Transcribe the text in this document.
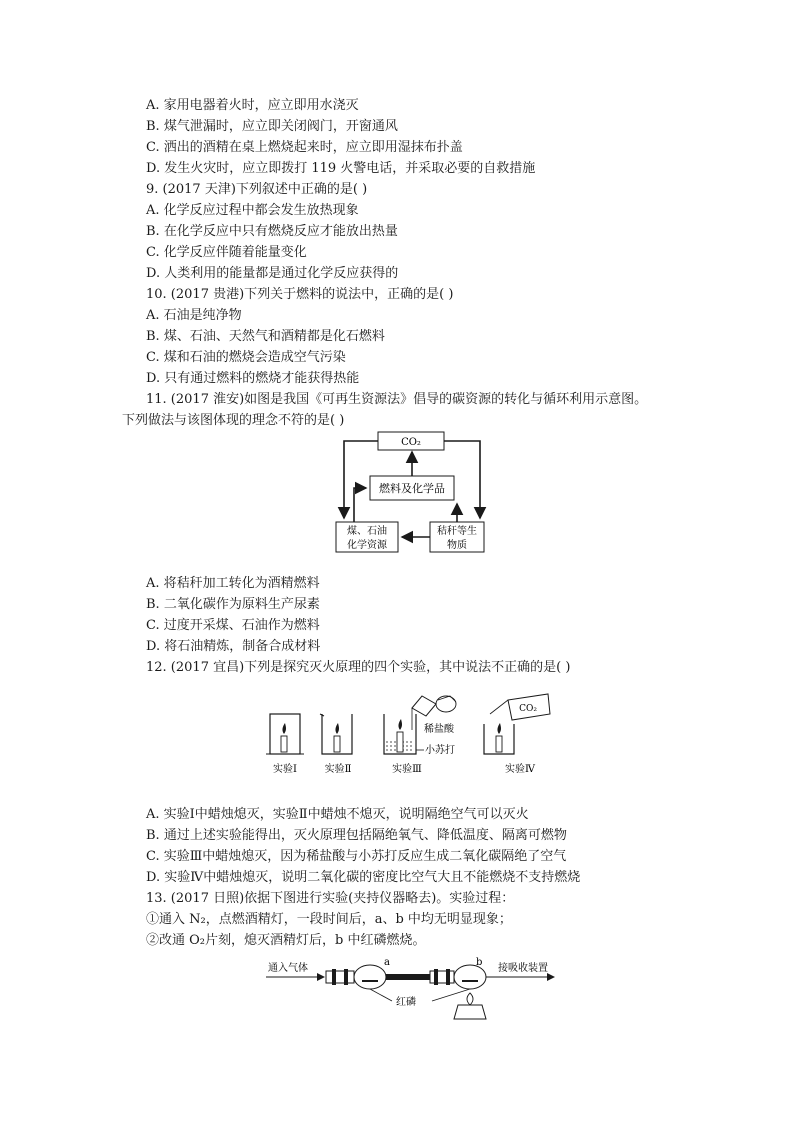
A. 家用电器着火时，应立即用水浇灭
B. 煤气泄漏时，应立即关闭阀门，开窗通风
C. 洒出的酒精在桌上燃烧起来时，应立即用湿抹布扑盖
D. 发生火灾时，应立即拨打 119 火警电话，并采取必要的自救措施
9. (2017 天津)下列叙述中正确的是( )
A. 化学反应过程中都会发生放热现象
B. 在化学反应中只有燃烧反应才能放出热量
C. 化学反应伴随着能量变化
D. 人类利用的能量都是通过化学反应获得的
10. (2017 贵港)下列关于燃料的说法中，正确的是( )
A. 石油是纯净物
B. 煤、石油、天然气和酒精都是化石燃料
C. 煤和石油的燃烧会造成空气污染
D. 只有通过燃料的燃烧才能获得热能
11. (2017 淮安)如图是我国《可再生资源法》倡导的碳资源的转化与循环利用示意图。
下列做法与该图体现的理念不符的是( )
CO₂
燃料及化学品
煤、石油
化学资源
秸秆等生
物质
A. 将秸秆加工转化为酒精燃料
B. 二氧化碳作为原料生产尿素
C. 过度开采煤、石油作为燃料
D. 将石油精炼，制备合成材料
12. (2017 宜昌)下列是探究灭火原理的四个实验，其中说法不正确的是( )
实验Ⅰ	实验Ⅱ
稀盐酸
小苏打
实验Ⅲ
CO₂
实验Ⅳ
A. 实验Ⅰ中蜡烛熄灭，实验Ⅱ中蜡烛不熄灭，说明隔绝空气可以灭火
B. 通过上述实验能得出，灭火原理包括隔绝氧气、降低温度、隔离可燃物
C. 实验Ⅲ中蜡烛熄灭，因为稀盐酸与小苏打反应生成二氧化碳隔绝了空气
D. 实验Ⅳ中蜡烛熄灭，说明二氧化碳的密度比空气大且不能燃烧不支持燃烧
13. (2017 日照)依据下图进行实验(夹持仪器略去)。实验过程：
①通入 N₂，点燃酒精灯，一段时间后，a、b 中均无明显现象；
②改通 O₂片刻，熄灭酒精灯后，b 中红磷燃烧。
通入气体
a	b
红磷
接吸收装置
